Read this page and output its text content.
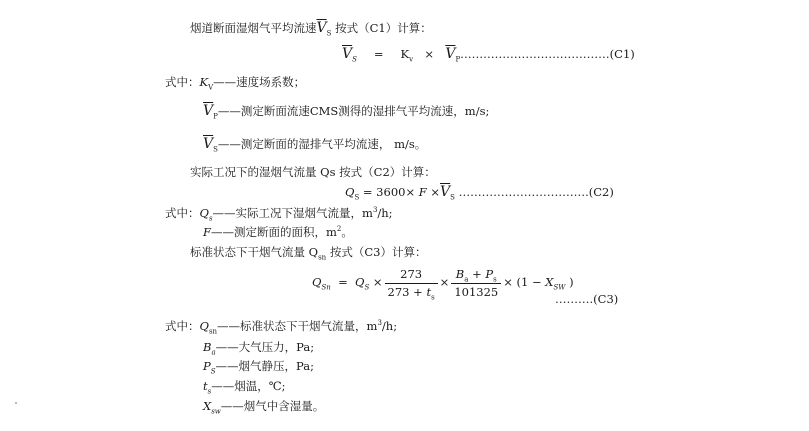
烟道断面湿烟气平均流速$\overline{V}_S$ 按式（C1）计算：
$\overline{V}_S = K_v$ × $\overline{V}_P\dots\dots\dots\dots\dots\dots\dots\dots\dots\dots\dots\dots\dots(C1)$
式中：$K_V——$速度场系数；
$\overline{V}_P——$测定断面流速CMS测得的湿排气平均流速，m/s;
$\overline{V}_S——$测定断面的湿排气平均流速， m/s。
实际工况下的湿烟气流量 Qs 按式（C2）计算：
$Q_S = 3600\times F \times\overline{V}_S$ …………………………….(C2)
式中：$Q_s——$实际工况下湿烟气流量，$m^3/h$;
F——测定断面的面积，$m^2$。
标准状态下干烟气流量 $Q_{sn}$ 按式（C3）计算：
$Q_{Sn} = Q_S \times \frac{273}{273 + t_s} \times \frac{B_a + P_s}{101325} \times (1 - X_{SW}$ )
……….(C3)
式中：$Q_{sn}——$标准状态下干烟气流量，$m^3/h$;
$B_a——$大气压力，Pa;
$P_S——$烟气静压，Pa;
$t_s——$烟温，℃;
$X_{sw}——$烟气中含湿量。
